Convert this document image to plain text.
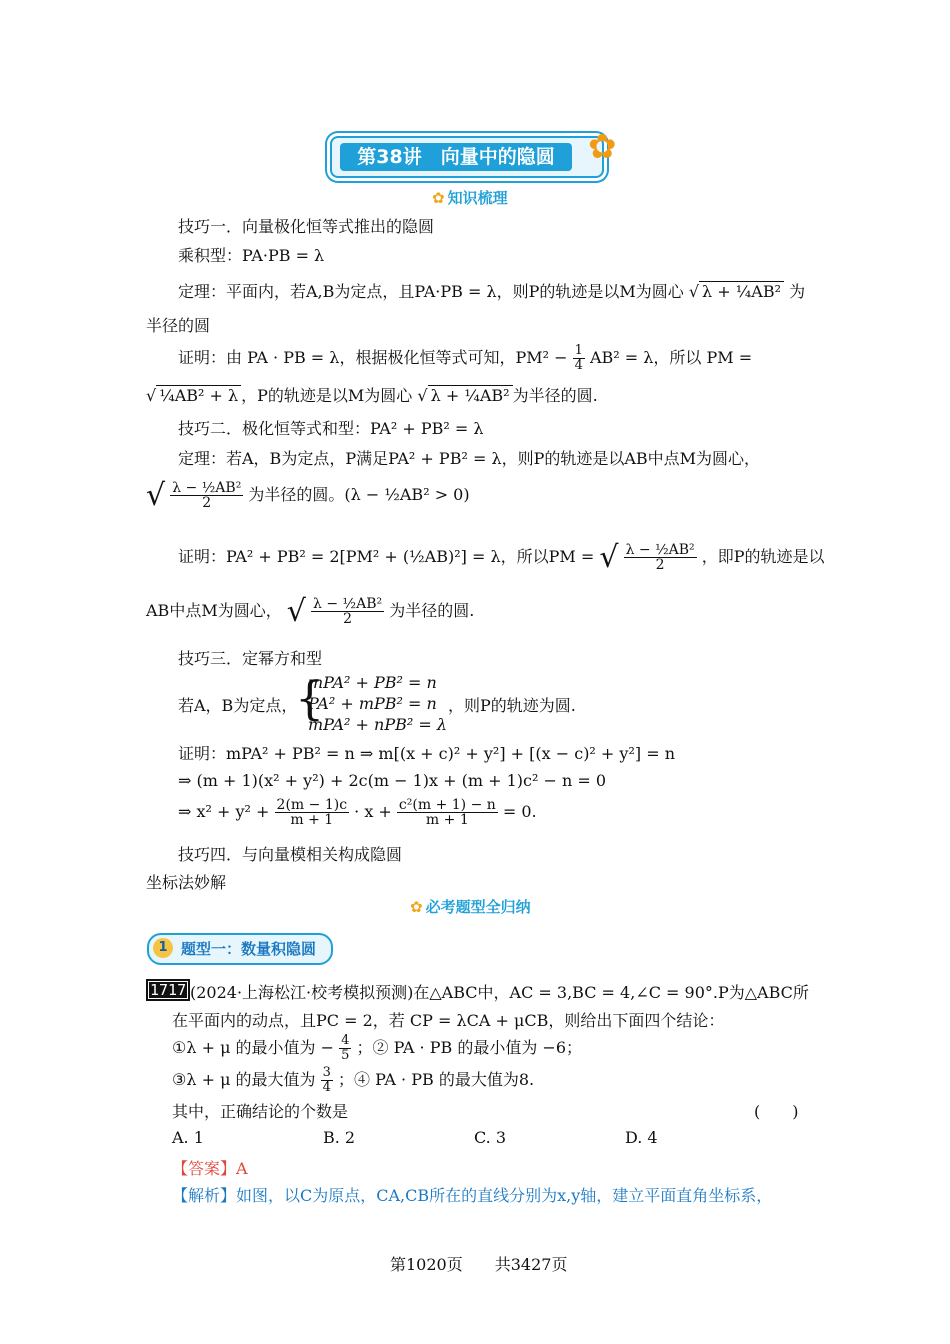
第38讲　向量中的隐圆 ✿
✿ 知识梳理
技巧一．向量极化恒等式推出的隐圆
乘积型：PA·PB = λ
定理：平面内，若A,B为定点，且PA·PB = λ，则P的轨迹是以M为圆心 √ λ + ¼AB² 为
半径的圆
证明：由 PA · PB = λ，根据极化恒等式可知，$PM^2 - \frac{1}{4} AB^2 = \lambda$，所以 PM =
√ ¼AB² + λ ，P的轨迹是以M为圆心 √ λ + ¼AB² 为半径的圆.
技巧二．极化恒等式和型：PA² + PB² = λ
定理：若A，B为定点，P满足PA² + PB² = λ，则P的轨迹是以AB中点M为圆心，
√ $\frac{\text{λ − ½AB²}}{2}$ 为半径的圆。(λ − ½AB² > 0)
证明：PA² + PB² = 2[PM² + (½AB)²] = λ，所以PM = √ $\frac{\text{λ − ½AB²}}{2}$ ，即P的轨迹是以
AB中点M为圆心， √ $\frac{\text{λ − ½AB²}}{2}$ 为半径的圆.
技巧三．定幂方和型
若A，B为定点，
{
mPA² + PB² = n
PA² + mPB² = n
mPA² + nPB² = λ
，则P的轨迹为圆.
证明：mPA² + PB² = n ⇒ m[(x + c)² + y²] + [(x − c)² + y²] = n
⇒ (m + 1)(x² + y²) + 2c(m − 1)x + (m + 1)c² − n = 0
⇒ $x^2 + y^2 + \frac{2(m - 1)c}{m + 1} \cdot x + \frac{\text{c²(m + 1) − n}}{m + 1} = 0$.
技巧四．与向量模相关构成隐圆
坐标法妙解
✿ 必考题型全归纳
1 题型一：数量积隐圆
1717 (2024·上海松江·校考模拟预测)在△ABC中，AC = 3,BC = 4,∠C = 90°.P为△ABC所
在平面内的动点，且PC = 2，若 CP = λCA + μCB，则给出下面四个结论：
①λ + μ 的最小值为 − $\frac{4}{5}$ ；② PA · PB 的最小值为 −6；
③λ + μ 的最大值为 $\frac{3}{4}$ ；④ PA · PB 的最大值为8.
其中，正确结论的个数是	(　　)
A. 1	B. 2	C. 3	D. 4
【答案】A
【解析】如图，以C为原点，CA,CB所在的直线分别为x,y轴，建立平面直角坐标系，
第1020页　　共3427页
